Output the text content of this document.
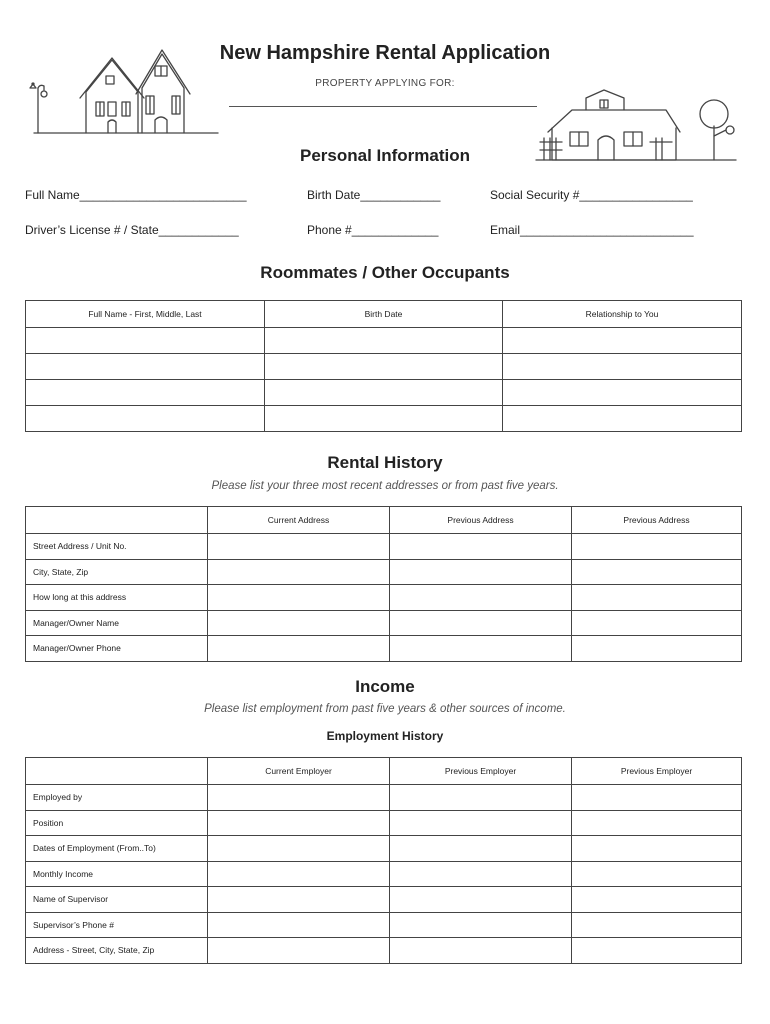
New Hampshire Rental Application
PROPERTY APPLYING FOR:
Personal Information
Full Name_________________________	Birth Date____________	Social Security #_________________
Driver’s License # / State____________	Phone #_____________	Email__________________________
Roommates / Other Occupants
Full Name - First, Middle, Last	Birth Date	Relationship to You

Rental History
Please list your three most recent addresses or from past five years.
	Current Address	Previous Address	Previous Address
Street Address / Unit No.			
City, State, Zip			
How long at this address			
Manager/Owner Name			
Manager/Owner Phone			
Income
Please list employment from past five years & other sources of income.
Employment History
	Current Employer	Previous Employer	Previous Employer
Employed by			
Position			
Dates of Employment (From..To)			
Monthly Income			
Name of Supervisor			
Supervisor’s Phone #			
Address - Street, City, State, Zip			
